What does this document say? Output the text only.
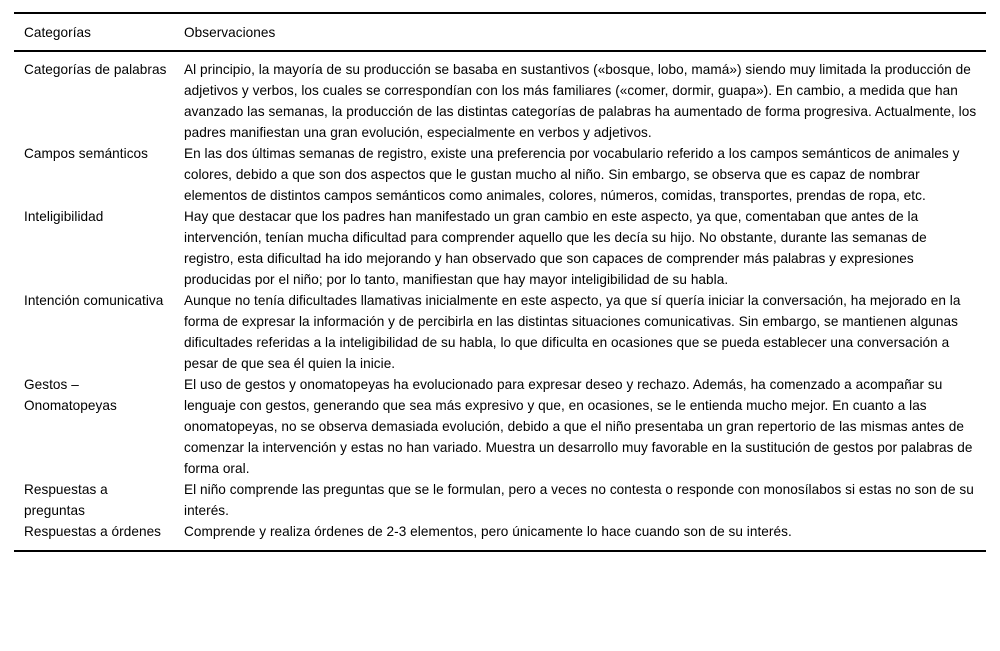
Categorías	Observaciones
Categorías de palabras	Al principio, la mayoría de su producción se basaba en sustantivos («bosque, lobo, mamá») siendo muy limitada la producción de adjetivos y verbos, los cuales se correspondían con los más familiares («comer, dormir, guapa»). En cambio, a medida que han avanzado las semanas, la producción de las distintas categorías de palabras ha aumentado de forma progresiva. Actualmente, los padres manifiestan una gran evolución, especialmente en verbos y adjetivos.
Campos semánticos	En las dos últimas semanas de registro, existe una preferencia por vocabulario referido a los campos semánticos de animales y colores, debido a que son dos aspectos que le gustan mucho al niño. Sin embargo, se observa que es capaz de nombrar elementos de distintos campos semánticos como animales, colores, números, comidas, transportes, prendas de ropa, etc.
Inteligibilidad	Hay que destacar que los padres han manifestado un gran cambio en este aspecto, ya que, comentaban que antes de la intervención, tenían mucha dificultad para comprender aquello que les decía su hijo. No obstante, durante las semanas de registro, esta dificultad ha ido mejorando y han observado que son capaces de comprender más palabras y expresiones producidas por el niño; por lo tanto, manifiestan que hay mayor inteligibilidad de su habla.
Intención comunicativa	Aunque no tenía dificultades llamativas inicialmente en este aspecto, ya que sí quería iniciar la conversación, ha mejorado en la forma de expresar la información y de percibirla en las distintas situaciones comunicativas. Sin embargo, se mantienen algunas dificultades referidas a la inteligibilidad de su habla, lo que dificulta en ocasiones que se pueda establecer una conversación a pesar de que sea él quien la inicie.
Gestos – Onomatopeyas	El uso de gestos y onomatopeyas ha evolucionado para expresar deseo y rechazo. Además, ha comenzado a acompañar su lenguaje con gestos, generando que sea más expresivo y que, en ocasiones, se le entienda mucho mejor. En cuanto a las onomatopeyas, no se observa demasiada evolución, debido a que el niño presentaba un gran repertorio de las mismas antes de comenzar la intervención y estas no han variado. Muestra un desarrollo muy favorable en la sustitución de gestos por palabras de forma oral.
Respuestas a preguntas	El niño comprende las preguntas que se le formulan, pero a veces no contesta o responde con monosílabos si estas no son de su interés.
Respuestas a órdenes	Comprende y realiza órdenes de 2-3 elementos, pero únicamente lo hace cuando son de su interés.
